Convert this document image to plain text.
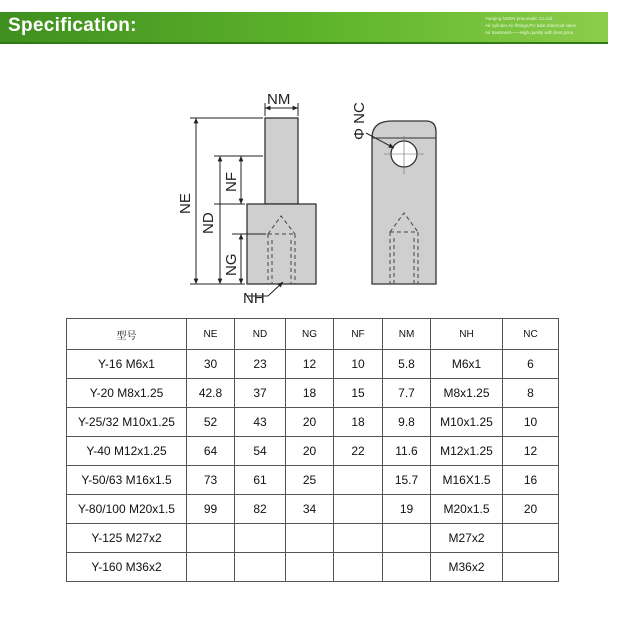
Specification:	Yueqing NOEN pneumatic Co.Ltd
Air cylinder,Air fittings,PU tube,Solenoid valve
Air treatment——High quality with best price
NM
NE
NF
ND
NG
NH
Φ NC
型号	NE	ND	NG	NF	NM	NH	NC
Y-16 M6x1	30	23	12	10	5.8	M6x1	6
Y-20 M8x1.25	42.8	37	18	15	7.7	M8x1.25	8
Y-25/32 M10x1.25	52	43	20	18	9.8	M10x1.25	10
Y-40 M12x1.25	64	54	20	22	11.6	M12x1.25	12
Y-50/63 M16x1.5	73	61	25		15.7	M16X1.5	16
Y-80/100 M20x1.5	99	82	34		19	M20x1.5	20
Y-125 M27x2						M27x2	
Y-160 M36x2						M36x2	
